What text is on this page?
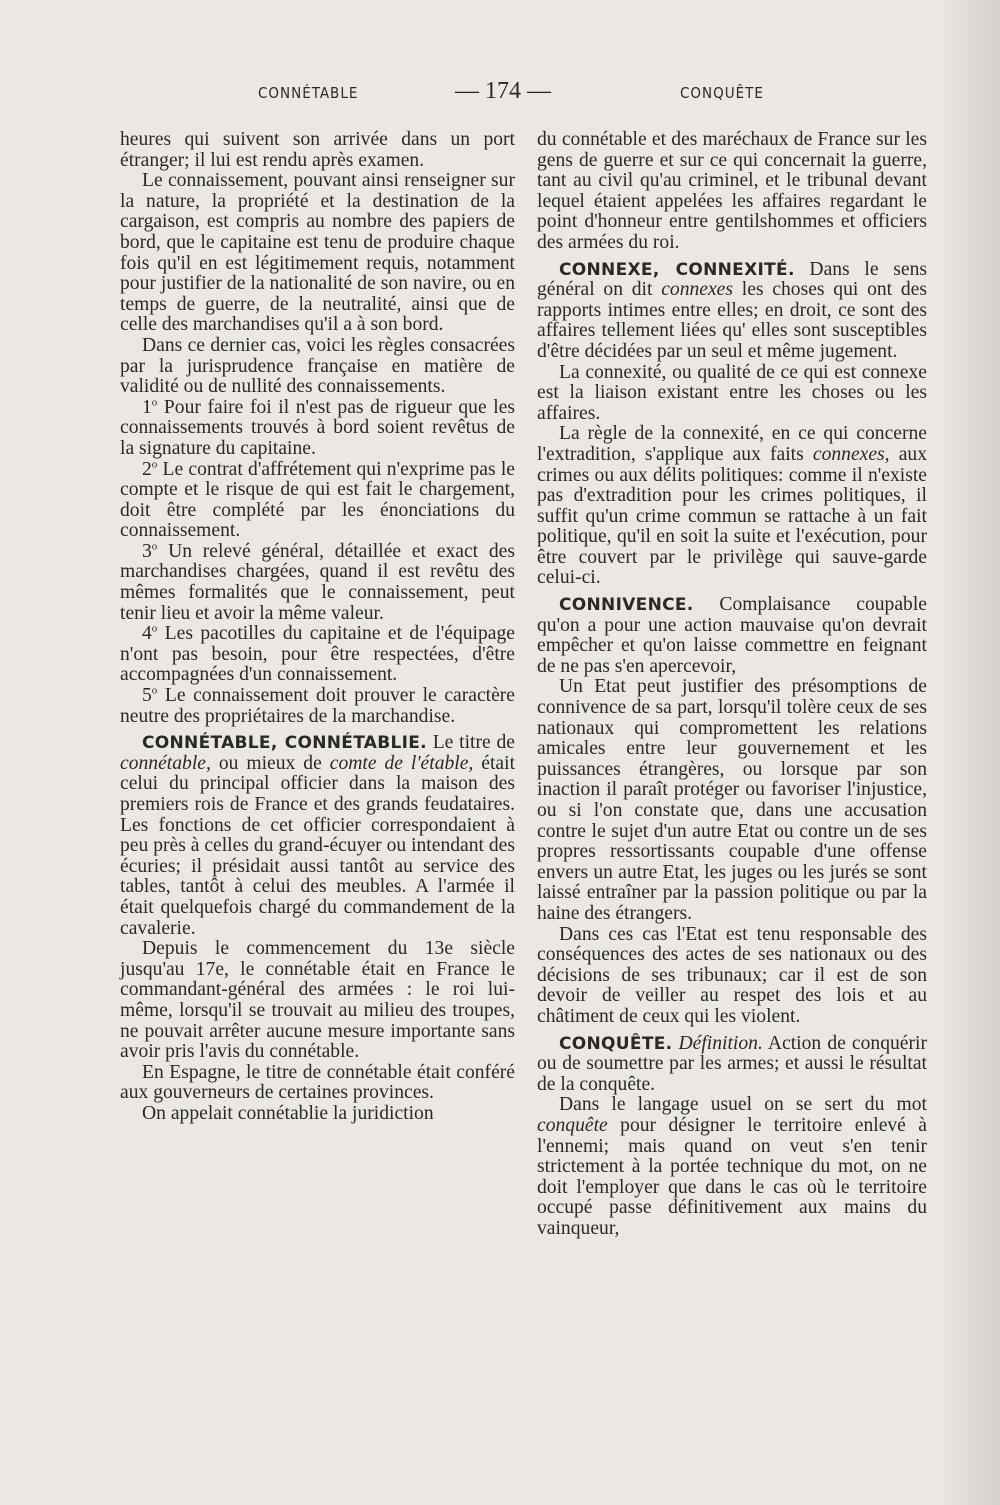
CONNÉTABLE	— 174 —	CONQUÊTE

heures qui suivent son arrivée dans un port étranger; il lui est rendu après examen.

Le connaissement, pouvant ainsi renseigner sur la nature, la propriété et la destination de la cargaison, est compris au nombre des papiers de bord, que le capitaine est tenu de produire chaque fois qu'il en est légitimement requis, notamment pour justifier de la nationalité de son navire, ou en temps de guerre, de la neutralité, ainsi que de celle des marchandises qu'il a à son bord.

Dans ce dernier cas, voici les règles consacrées par la jurisprudence française en matière de validité ou de nullité des connaissements.

1$^o$ Pour faire foi il n'est pas de rigueur que les connaissements trouvés à bord soient revêtus de la signature du capitaine.

2$^o$ Le contrat d'affrétement qui n'exprime pas le compte et le risque de qui est fait le chargement, doit être complété par les énonciations du connaissement.

3$^o$ Un relevé général, détaillée et exact des marchandises chargées, quand il est revêtu des mêmes formalités que le connaissement, peut tenir lieu et avoir la même valeur.

4$^o$ Les pacotilles du capitaine et de l'équipage n'ont pas besoin, pour être respectées, d'être accompagnées d'un connaissement.

5$^o$ Le connaissement doit prouver le caractère neutre des propriétaires de la marchandise.

CONNÉTABLE, CONNÉTABLIE. Le titre de connétable, ou mieux de comte de l'étable, était celui du principal officier dans la maison des premiers rois de France et des grands feudataires. Les fonctions de cet officier correspondaient à peu près à celles du grand-écuyer ou intendant des écuries; il présidait aussi tantôt au service des tables, tantôt à celui des meubles. A l'armée il était quelquefois chargé du commandement de la cavalerie.

Depuis le commencement du 13e siècle jusqu'au 17e, le connétable était en France le commandant-général des armées : le roi lui-même, lorsqu'il se trouvait au milieu des troupes, ne pouvait arrêter aucune mesure importante sans avoir pris l'avis du connétable.

En Espagne, le titre de connétable était conféré aux gouverneurs de certaines provinces.

On appelait connétablie la juridiction

du connétable et des maréchaux de France sur les gens de guerre et sur ce qui concernait la guerre, tant au civil qu'au criminel, et le tribunal devant lequel étaient appelées les affaires regardant le point d'honneur entre gentilshommes et officiers des armées du roi.

CONNEXE, CONNEXITÉ. Dans le sens général on dit connexes les choses qui ont des rapports intimes entre elles; en droit, ce sont des affaires tellement liées qu' elles sont susceptibles d'être décidées par un seul et même jugement.

La connexité, ou qualité de ce qui est connexe est la liaison existant entre les choses ou les affaires.

La règle de la connexité, en ce qui concerne l'extradition, s'applique aux faits connexes, aux crimes ou aux délits politiques: comme il n'existe pas d'extradition pour les crimes politiques, il suffit qu'un crime commun se rattache à un fait politique, qu'il en soit la suite et l'exécution, pour être couvert par le privilège qui sauve-garde celui-ci.

CONNIVENCE. Complaisance coupable qu'on a pour une action mauvaise qu'on devrait empêcher et qu'on laisse commettre en feignant de ne pas s'en apercevoir,

Un Etat peut justifier des présomptions de connivence de sa part, lorsqu'il tolère ceux de ses nationaux qui compromettent les relations amicales entre leur gouvernement et les puissances étrangères, ou lorsque par son inaction il paraît protéger ou favoriser l'injustice, ou si l'on constate que, dans une accusation contre le sujet d'un autre Etat ou contre un de ses propres ressortissants coupable d'une offense envers un autre Etat, les juges ou les jurés se sont laissé entraîner par la passion politique ou par la haine des étrangers.

Dans ces cas l'Etat est tenu responsable des conséquences des actes de ses nationaux ou des décisions de ses tribunaux; car il est de son devoir de veiller au respet des lois et au châtiment de ceux qui les violent.

CONQUÊTE. Définition. Action de conquérir ou de soumettre par les armes; et aussi le résultat de la conquête.

Dans le langage usuel on se sert du mot conquête pour désigner le territoire enlevé à l'ennemi; mais quand on veut s'en tenir strictement à la portée technique du mot, on ne doit l'employer que dans le cas où le territoire occupé passe définitivement aux mains du vainqueur,
